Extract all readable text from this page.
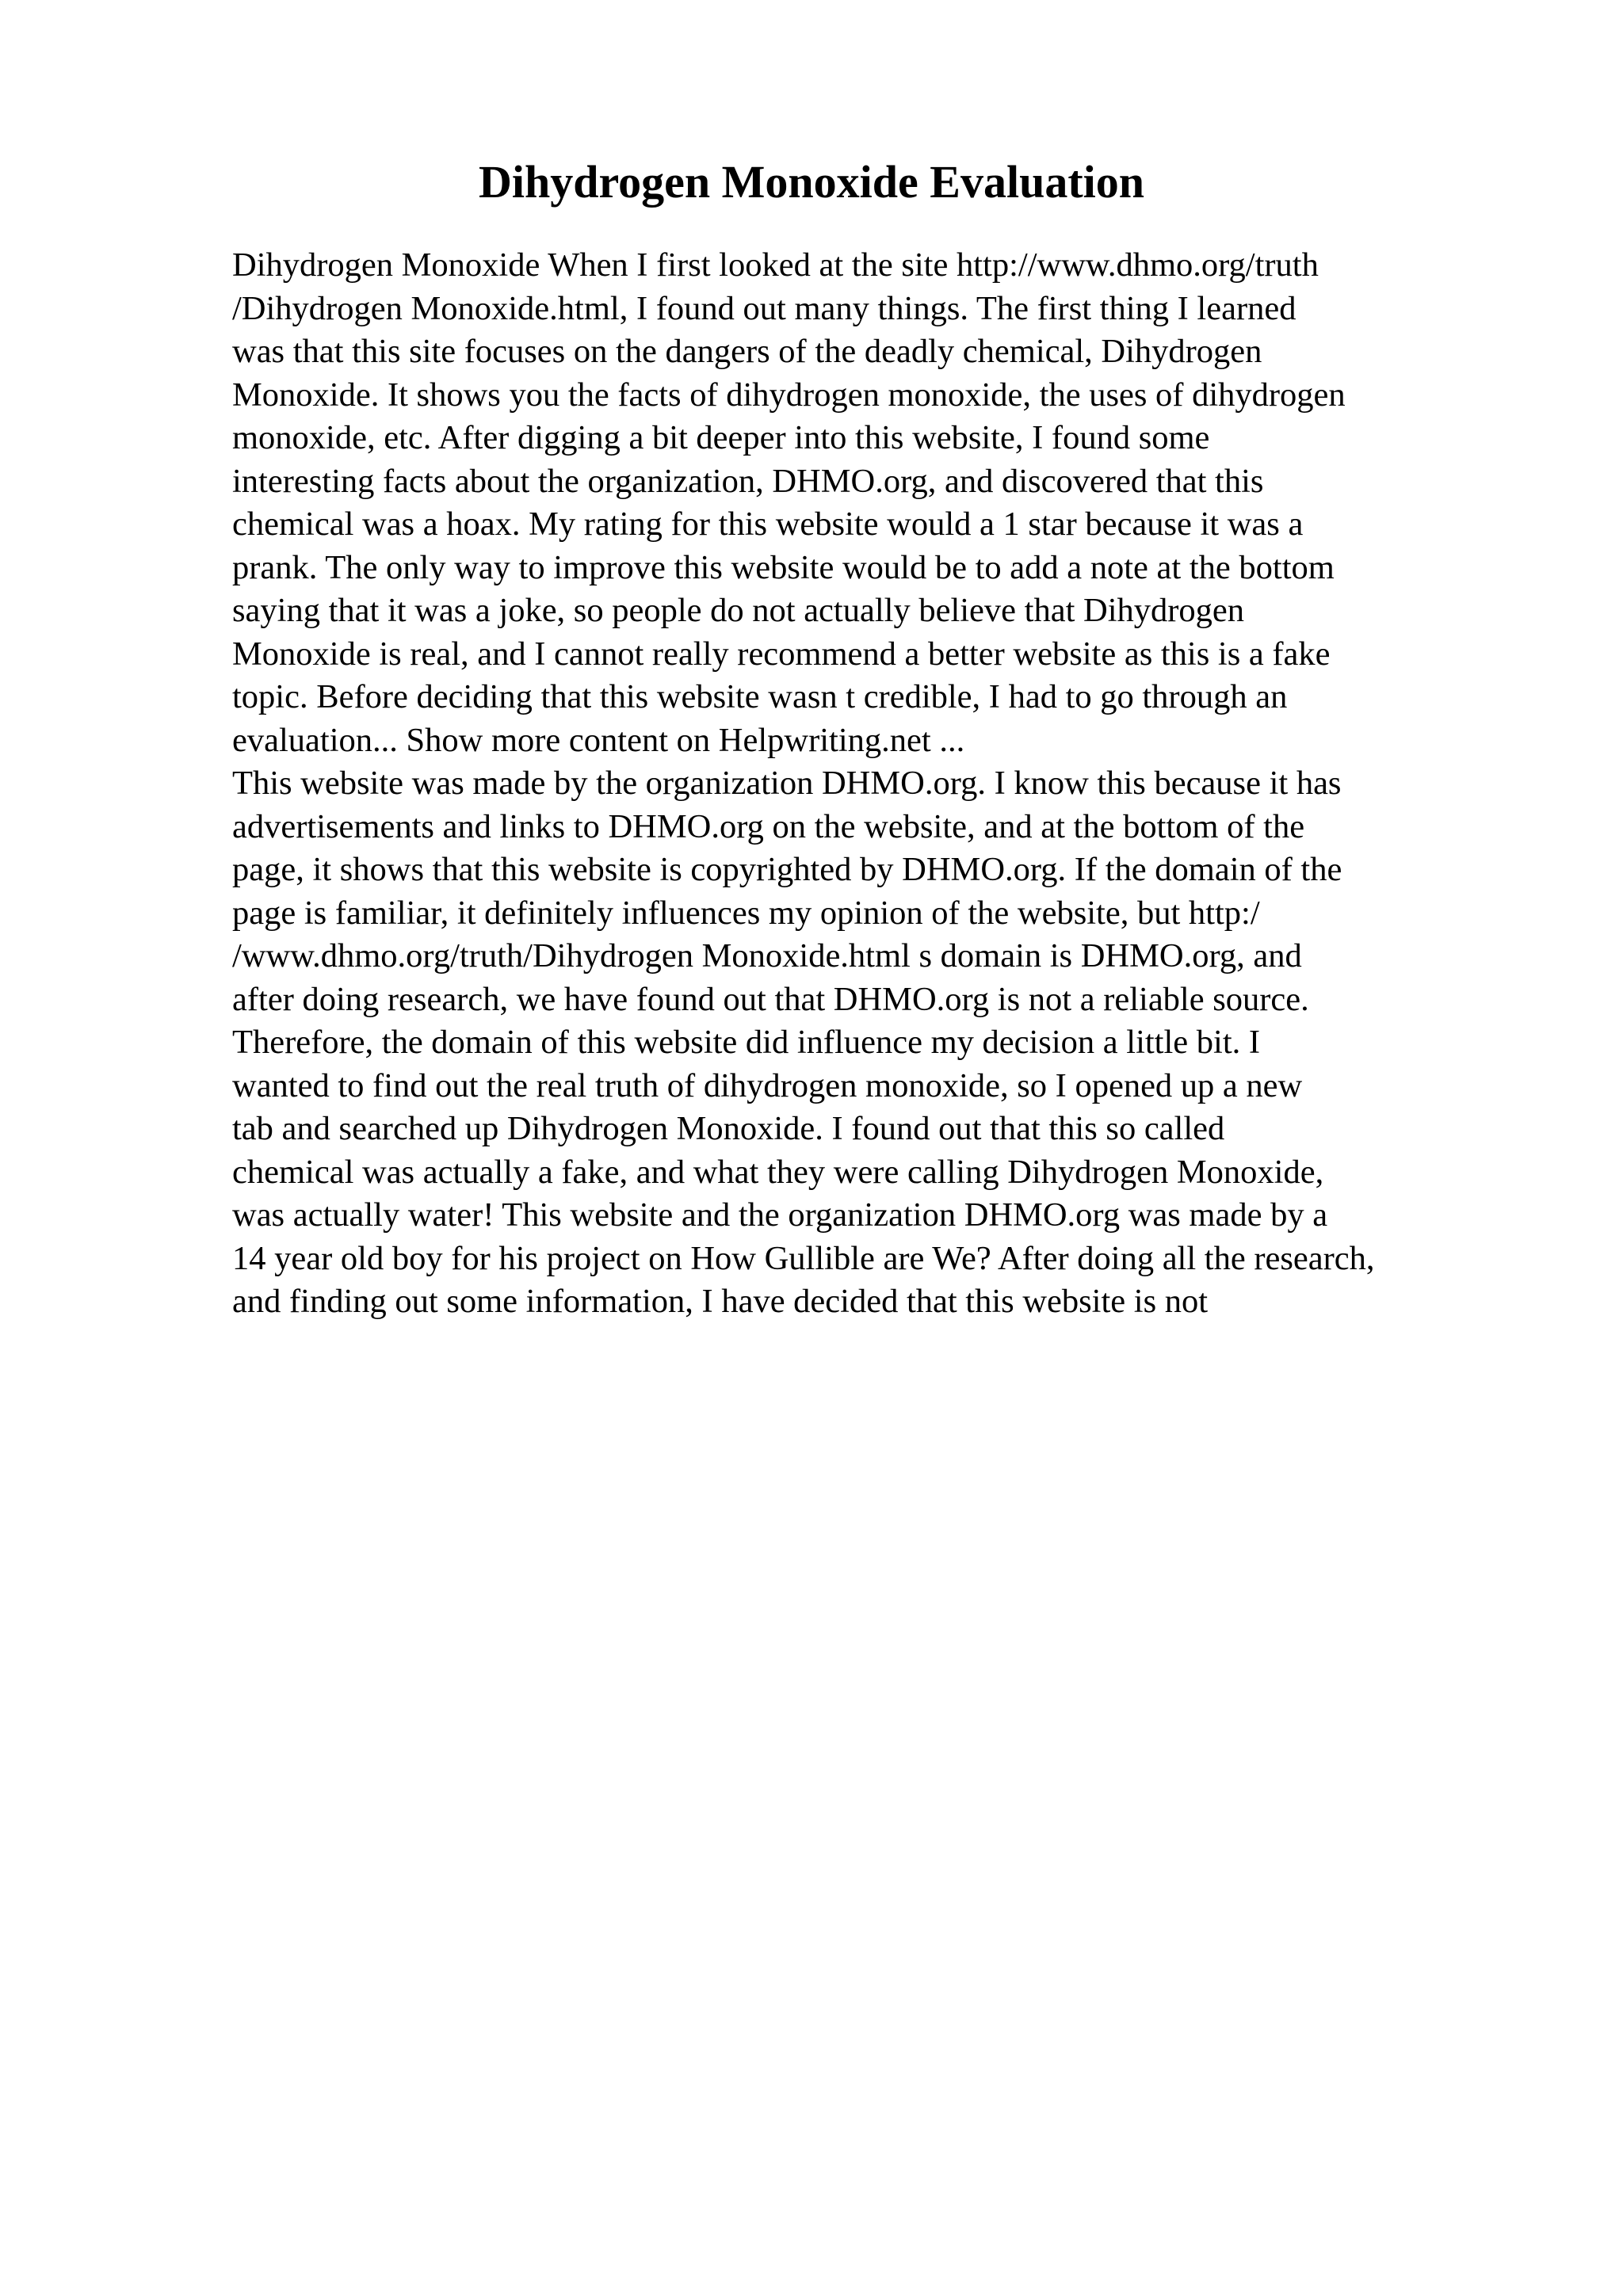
Dihydrogen Monoxide Evaluation
Dihydrogen Monoxide When I first looked at the site http://www.dhmo.org/truth
/Dihydrogen Monoxide.html, I found out many things. The first thing I learned
was that this site focuses on the dangers of the deadly chemical, Dihydrogen
Monoxide. It shows you the facts of dihydrogen monoxide, the uses of dihydrogen
monoxide, etc. After digging a bit deeper into this website, I found some
interesting facts about the organization, DHMO.org, and discovered that this
chemical was a hoax. My rating for this website would a 1 star because it was a
prank. The only way to improve this website would be to add a note at the bottom
saying that it was a joke, so people do not actually believe that Dihydrogen
Monoxide is real, and I cannot really recommend a better website as this is a fake
topic. Before deciding that this website wasn t credible, I had to go through an
evaluation... Show more content on Helpwriting.net ...
This website was made by the organization DHMO.org. I know this because it has
advertisements and links to DHMO.org on the website, and at the bottom of the
page, it shows that this website is copyrighted by DHMO.org. If the domain of the
page is familiar, it definitely influences my opinion of the website, but http:/
/www.dhmo.org/truth/Dihydrogen Monoxide.html s domain is DHMO.org, and
after doing research, we have found out that DHMO.org is not a reliable source.
Therefore, the domain of this website did influence my decision a little bit. I
wanted to find out the real truth of dihydrogen monoxide, so I opened up a new
tab and searched up Dihydrogen Monoxide. I found out that this so called
chemical was actually a fake, and what they were calling Dihydrogen Monoxide,
was actually water! This website and the organization DHMO.org was made by a
14 year old boy for his project on How Gullible are We? After doing all the research,
and finding out some information, I have decided that this website is not
